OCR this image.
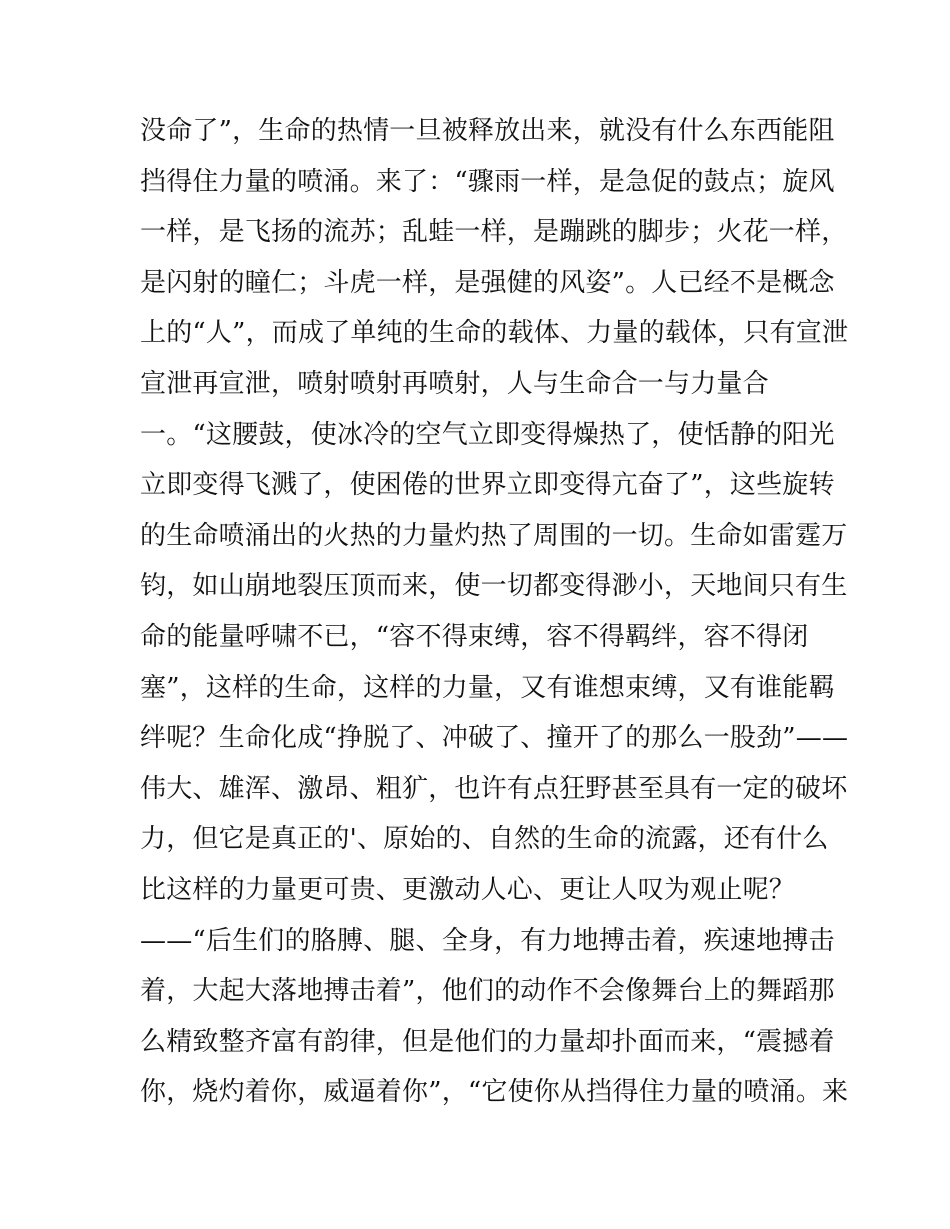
没命了”，生命的热情一旦被释放出来，就没有什么东西能阻
挡得住力量的喷涌。来了：“骤雨一样，是急促的鼓点；旋风
一样，是飞扬的流苏；乱蛙一样，是蹦跳的脚步；火花一样，
是闪射的瞳仁；斗虎一样，是强健的风姿”。人已经不是概念
上的“人”，而成了单纯的生命的载体、力量的载体，只有宣泄
宣泄再宣泄，喷射喷射再喷射，人与生命合一与力量合
一。“这腰鼓，使冰冷的空气立即变得燥热了，使恬静的阳光
立即变得飞溅了，使困倦的世界立即变得亢奋了”，这些旋转
的生命喷涌出的火热的力量灼热了周围的一切。生命如雷霆万
钧，如山崩地裂压顶而来，使一切都变得渺小，天地间只有生
命的能量呼啸不已，“容不得束缚，容不得羁绊，容不得闭
塞”，这样的生命，这样的力量，又有谁想束缚，又有谁能羁
绊呢？生命化成“挣脱了、冲破了、撞开了的那么一股劲”——
伟大、雄浑、激昂、粗犷，也许有点狂野甚至具有一定的破坏
力，但它是真正的'、原始的、自然的生命的流露，还有什么
比这样的力量更可贵、更激动人心、更让人叹为观止呢？
——“后生们的胳膊、腿、全身，有力地搏击着，疾速地搏击
着，大起大落地搏击着”，他们的动作不会像舞台上的舞蹈那
么精致整齐富有韵律，但是他们的力量却扑面而来，“震撼着
你，烧灼着你，威逼着你”，“它使你从挡得住力量的喷涌。来
